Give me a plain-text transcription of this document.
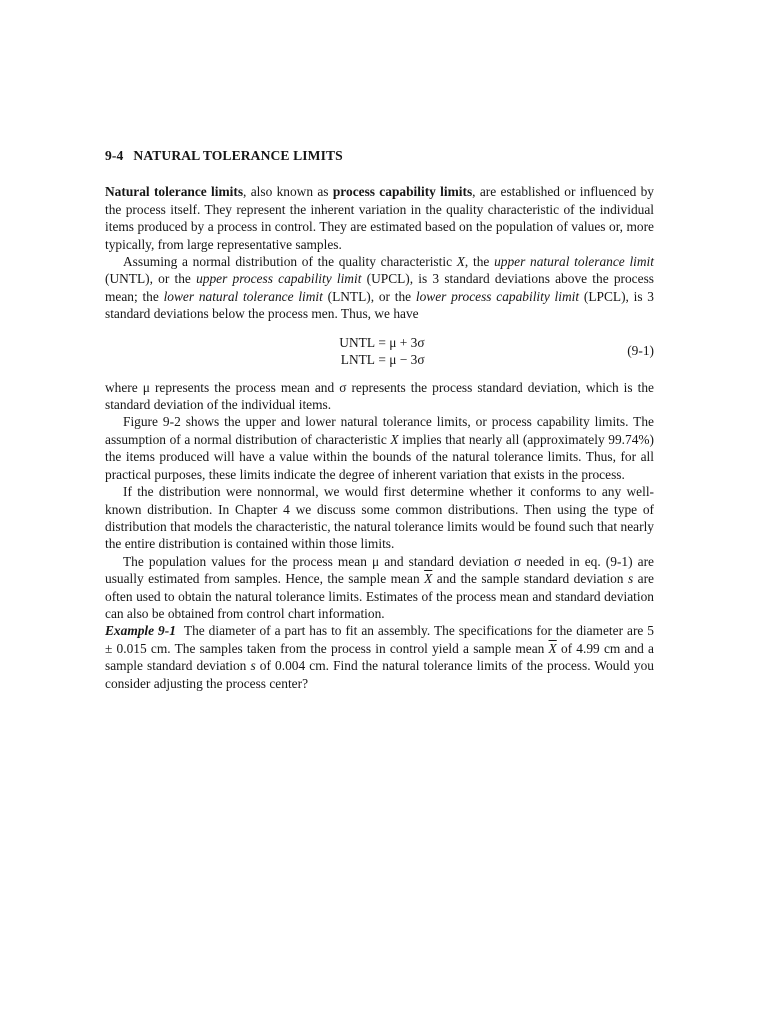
9-4 NATURAL TOLERANCE LIMITS

Natural tolerance limits, also known as process capability limits, are established or influenced by the process itself. They represent the inherent variation in the quality characteristic of the individual items produced by a process in control. They are estimated based on the population of values or, more typically, from large representative samples.

Assuming a normal distribution of the quality characteristic X, the upper natural tolerance limit (UNTL), or the upper process capability limit (UPCL), is 3 standard deviations above the process mean; the lower natural tolerance limit (LNTL), or the lower process capability limit (LPCL), is 3 standard deviations below the process men. Thus, we have

UNTL = μ + 3σ
LNTL = μ − 3σ
(9-1)

where μ represents the process mean and σ represents the process standard deviation, which is the standard deviation of the individual items.

Figure 9-2 shows the upper and lower natural tolerance limits, or process capability limits. The assumption of a normal distribution of characteristic X implies that nearly all (approximately 99.74%) the items produced will have a value within the bounds of the natural tolerance limits. Thus, for all practical purposes, these limits indicate the degree of inherent variation that exists in the process.

If the distribution were nonnormal, we would first determine whether it conforms to any well-known distribution. In Chapter 4 we discuss some common distributions. Then using the type of distribution that models the characteristic, the natural tolerance limits would be found such that nearly the entire distribution is contained within those limits.

The population values for the process mean μ and standard deviation σ needed in eq. (9-1) are usually estimated from samples. Hence, the sample mean $\overline{X}$ and the sample standard deviation s are often used to obtain the natural tolerance limits. Estimates of the process mean and standard deviation can also be obtained from control chart information.

Example 9-1 The diameter of a part has to fit an assembly. The specifications for the diameter are 5 ± 0.015 cm. The samples taken from the process in control yield a sample mean $\overline{X}$ of 4.99 cm and a sample standard deviation s of 0.004 cm. Find the natural tolerance limits of the process. Would you consider adjusting the process center?
